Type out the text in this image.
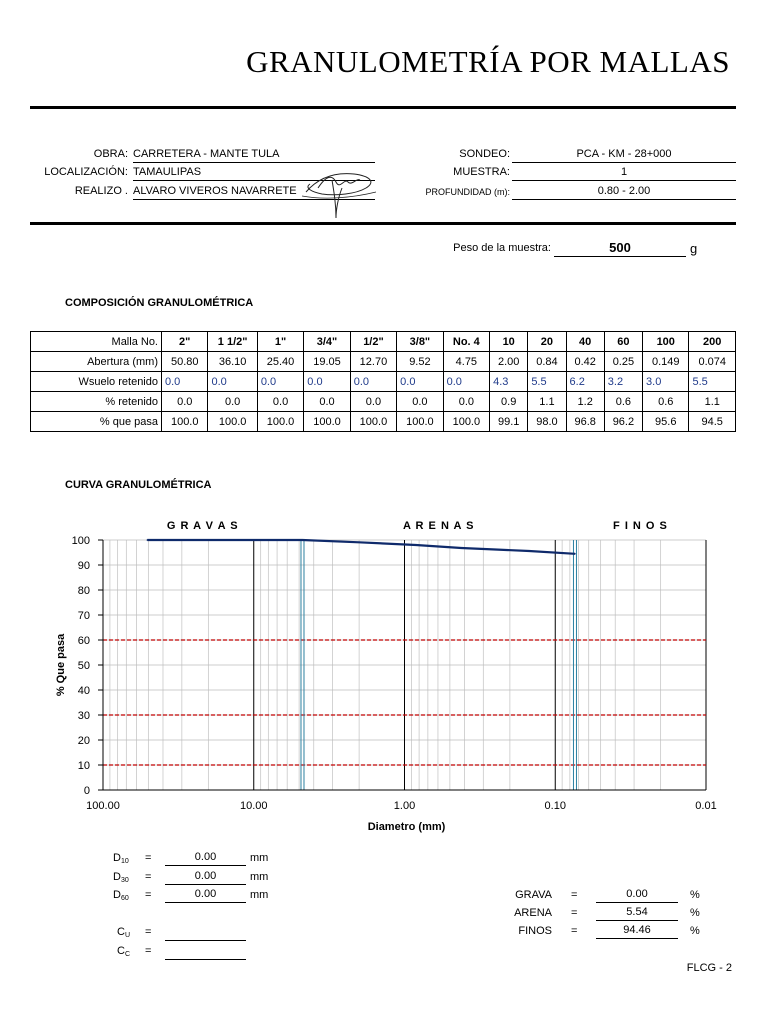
GRANULOMETRÍA POR MALLAS
OBRA: CARRETERA - MANTE TULA
LOCALIZACIÓN: TAMAULIPAS
REALIZO . ALVARO VIVEROS NAVARRETE
SONDEO:	PCA - KM - 28+000
MUESTRA:	1
PROFUNDIDAD (m):	0.80 - 2.00
Peso de la muestra:	500	g
COMPOSICIÓN GRANULOMÉTRICA
Malla No.	2"	1 1/2"	1"	3/4"	1/2"	3/8"	No. 4	10	20	40	60	100	200
Abertura (mm)	50.80	36.10	25.40	19.05	12.70	9.52	4.75	2.00	0.84	0.42	0.25	0.149	0.074
Wsuelo retenido	0.0	0.0	0.0	0.0	0.0	0.0	0.0	4.3	5.5	6.2	3.2	3.0	5.5
% retenido	0.0	0.0	0.0	0.0	0.0	0.0	0.0	0.9	1.1	1.2	0.6	0.6	1.1
% que pasa	100.0	100.0	100.0	100.0	100.0	100.0	100.0	99.1	98.0	96.8	96.2	95.6	94.5
CURVA GRANULOMÉTRICA
0
10
20
30
40
50
60
70
80
90
100
100.00	10.00	1.00	0.10	0.01
Diametro (mm)
% Que pasa
G R A V A S	A R E N A S	F I N O S
$D_{10}$ =	0.00	mm
$D_{30}$ =	0.00	mm
$D_{60}$ =	0.00	mm
$C_U$ =
$C_C$ =
GRAVA =	0.00	%
ARENA =	5.54	%
FINOS =	94.46	%
FLCG - 2
